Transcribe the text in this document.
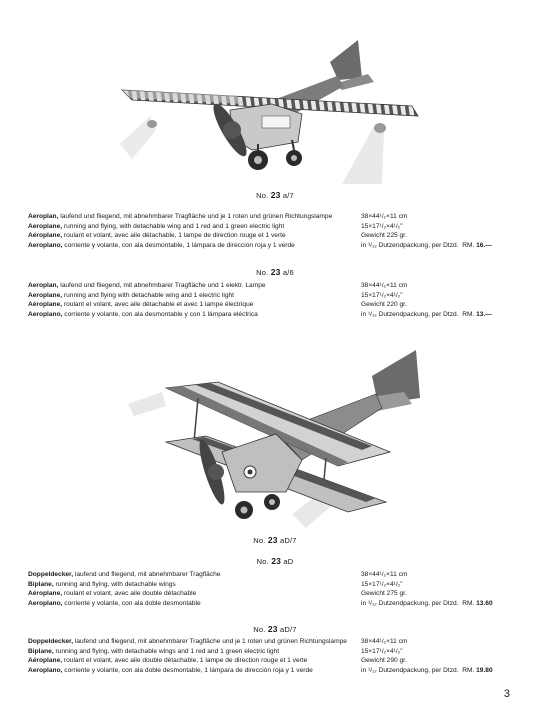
No. 23 a/7
Aeroplan, laufend und fliegend, mit abnehmbarer Tragfläche und je 1 roten und grünen Richtungslampe	38×44¹/₂×11 cm
Aeroplane, running and flying, with detachable wing and 1 red and 1 green electric light	15×17¹/₂×4¹/₂"
Aéroplane, roulant et volant, avec aile détachable, 1 lampe de direction rouge et 1 verte	Gewicht 225 gr.
Aeroplano, corriente y volante, con ala desmontable, 1 lámpara de dirección roja y 1 verde	in ¹/₁₂ Dutzendpackung, per Dtzd. RM. 16.—
No. 23 a/6
Aeroplan, laufend und fliegend, mit abnehmbarer Tragfläche und 1 elektr. Lampe	38×44¹/₂×11 cm
Aeroplane, running and flying with detachable wing and 1 electric light	15×17¹/₂×4¹/₂"
Aéroplane, roulant et volant, avec aile détachable et avec 1 lampe électrique	Gewicht 220 gr.
Aeroplano, corriente y volante, con ala desmontable y con 1 lámpara eléctrica	in ¹/₁₂ Dutzendpackung, per Dtzd. RM. 13.—
No. 23 aD/7
No. 23 aD
Doppeldecker, laufend und fliegend, mit abnehmbarer Tragfläche	38×44¹/₂×11 cm
Biplane, running and flying, with detachable wings	15×17¹/₂×4¹/₂"
Aéroplane, roulant et volant, avec aile double détachable	Gewicht 275 gr.
Aeroplano, corriente y volante, con ala doble desmontable	in ¹/₁₂ Dutzendpackung, per Dtzd. RM. 13.60
No. 23 aD/7
Doppeldecker, laufend und fliegend, mit abnehmbarer Tragfläche und je 1 roten und grünen Richtungslampe	38×44¹/₂×11 cm
Biplane, running and flying, with detachable wings and 1 red and 1 green electric light	15×17¹/₂×4¹/₂"
Aéroplane, roulant et volant, avec aile double détachable, 1 lampe de direction rouge et 1 verte	Gewicht 290 gr.
Aeroplano, corriente y volante, con ala doble desmontable, 1 lámpara de dirección roja y 1 verde	in ¹/₁₂ Dutzendpackung, per Dtzd. RM. 19.80
3
